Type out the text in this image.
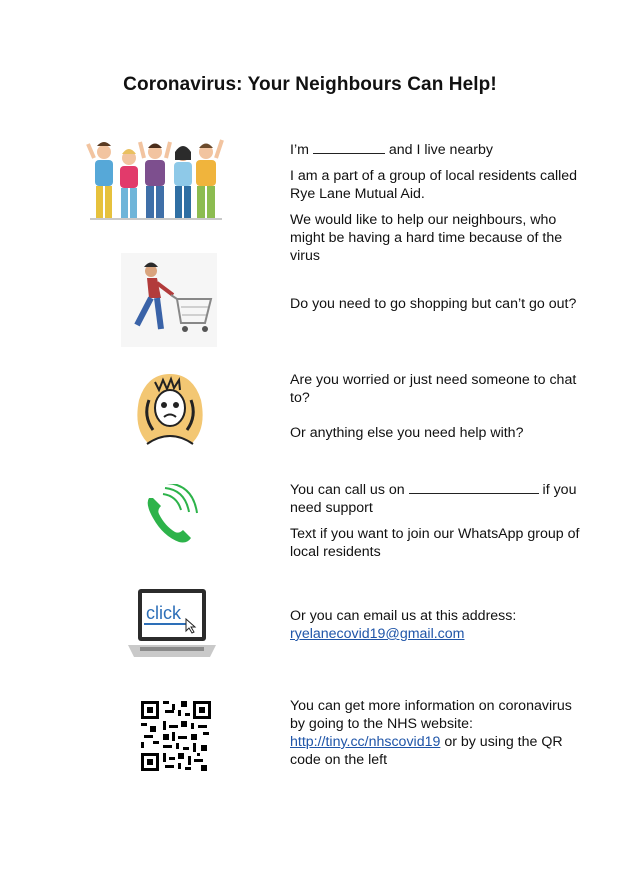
Coronavirus: Your Neighbours Can Help!
I’m	and I live nearby
I am a part of a group of local residents called Rye Lane Mutual Aid.
We would like to help our neighbours, who might be having a hard time because of the virus
Do you need to go shopping but can’t go out?
Are you worried or just need someone to chat to?
Or anything else you need help with?
You can call us on	if you need support
Text if you want to join our WhatsApp group of local residents
click	Or you can email us at this address:
ryelanecovid19@gmail.com
You can get more information on coronavirus by going to the NHS website: http://tiny.cc/nhscovid19 or by using the QR code on the left
